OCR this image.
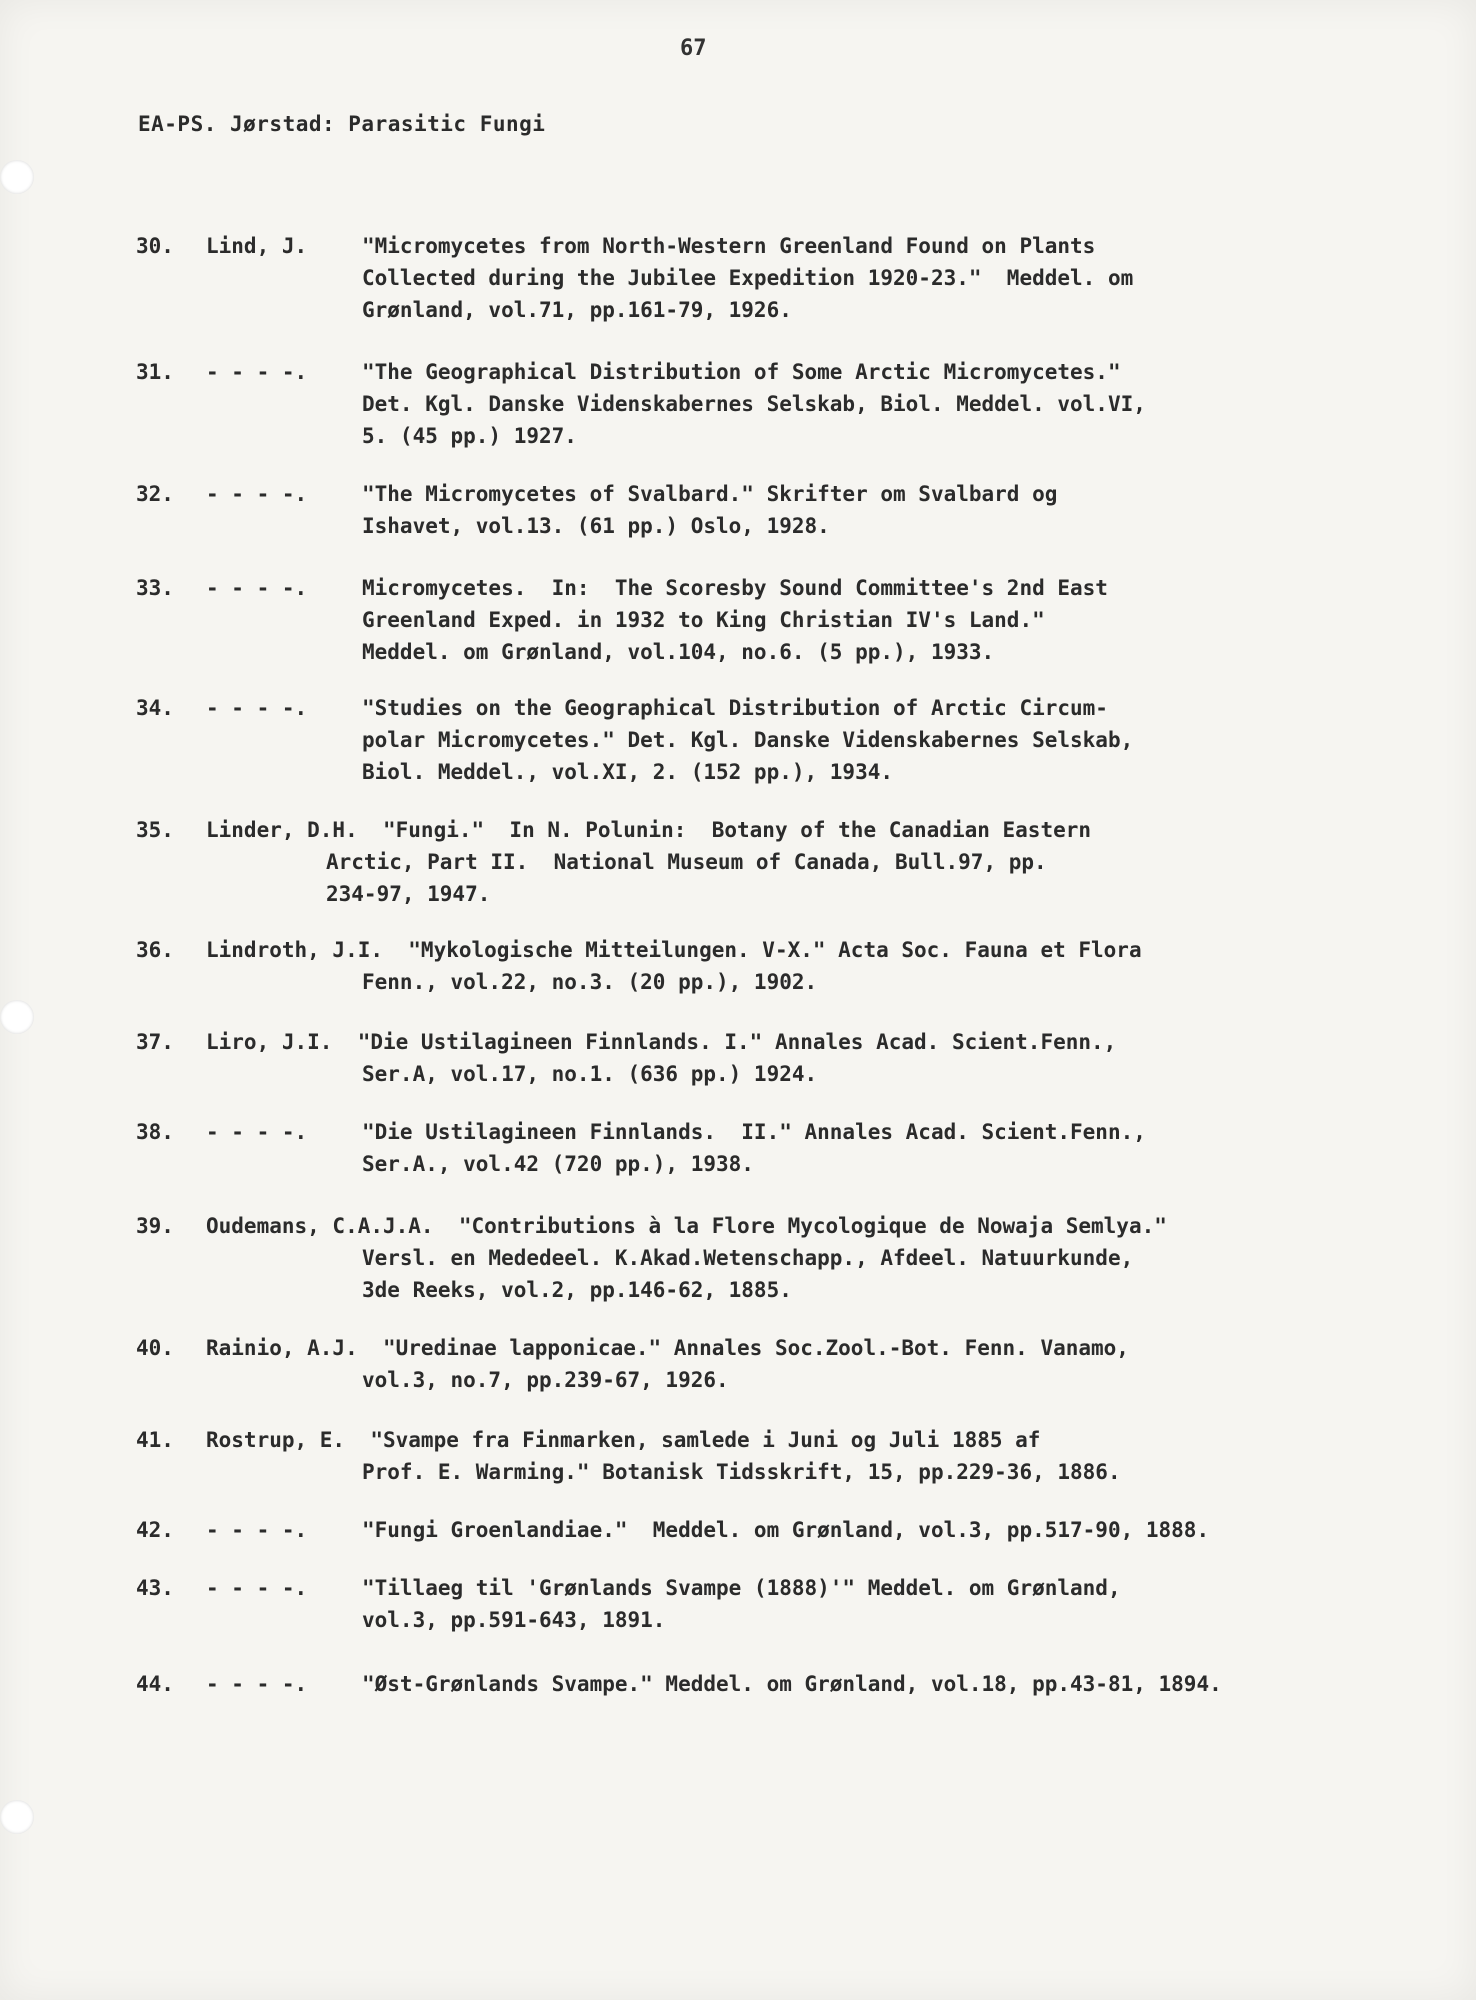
67
EA-PS. Jørstad: Parasitic Fungi
30. Lind, J.	"Micromycetes from North-Western Greenland Found on Plants
Collected during the Jubilee Expedition 1920-23."  Meddel. om
Grønland, vol.71, pp.161-79, 1926.
31. - - - -.	"The Geographical Distribution of Some Arctic Micromycetes."
Det. Kgl. Danske Videnskabernes Selskab, Biol. Meddel. vol.VI,
5. (45 pp.) 1927.
32. - - - -.	"The Micromycetes of Svalbard." Skrifter om Svalbard og
Ishavet, vol.13. (61 pp.) Oslo, 1928.
33. - - - -.	Micromycetes.  In:  The Scoresby Sound Committee's 2nd East
Greenland Exped. in 1932 to King Christian IV's Land."
Meddel. om Grønland, vol.104, no.6. (5 pp.), 1933.
34. - - - -.	"Studies on the Geographical Distribution of Arctic Circum-
polar Micromycetes." Det. Kgl. Danske Videnskabernes Selskab,
Biol. Meddel., vol.XI, 2. (152 pp.), 1934.
35. Linder, D.H.  "Fungi."  In N. Polunin:  Botany of the Canadian Eastern
Arctic, Part II.  National Museum of Canada, Bull.97, pp.
234-97, 1947.
36. Lindroth, J.I.  "Mykologische Mitteilungen. V-X." Acta Soc. Fauna et Flora
Fenn., vol.22, no.3. (20 pp.), 1902.
37. Liro, J.I.  "Die Ustilagineen Finnlands. I." Annales Acad. Scient.Fenn.,
Ser.A, vol.17, no.1. (636 pp.) 1924.
38. - - - -.	"Die Ustilagineen Finnlands.  II." Annales Acad. Scient.Fenn.,
Ser.A., vol.42 (720 pp.), 1938.
39. Oudemans, C.A.J.A.  "Contributions à la Flore Mycologique de Nowaja Semlya."
Versl. en Mededeel. K.Akad.Wetenschapp., Afdeel. Natuurkunde,
3de Reeks, vol.2, pp.146-62, 1885.
40. Rainio, A.J.  "Uredinae lapponicae." Annales Soc.Zool.-Bot. Fenn. Vanamo,
vol.3, no.7, pp.239-67, 1926.
41. Rostrup, E.  "Svampe fra Finmarken, samlede i Juni og Juli 1885 af
Prof. E. Warming." Botanisk Tidsskrift, 15, pp.229-36, 1886.
42. - - - -.	"Fungi Groenlandiae."  Meddel. om Grønland, vol.3, pp.517-90, 1888.
43. - - - -.	"Tillaeg til 'Grønlands Svampe (1888)'" Meddel. om Grønland,
vol.3, pp.591-643, 1891.
44. - - - -.	"Øst-Grønlands Svampe." Meddel. om Grønland, vol.18, pp.43-81, 1894.
